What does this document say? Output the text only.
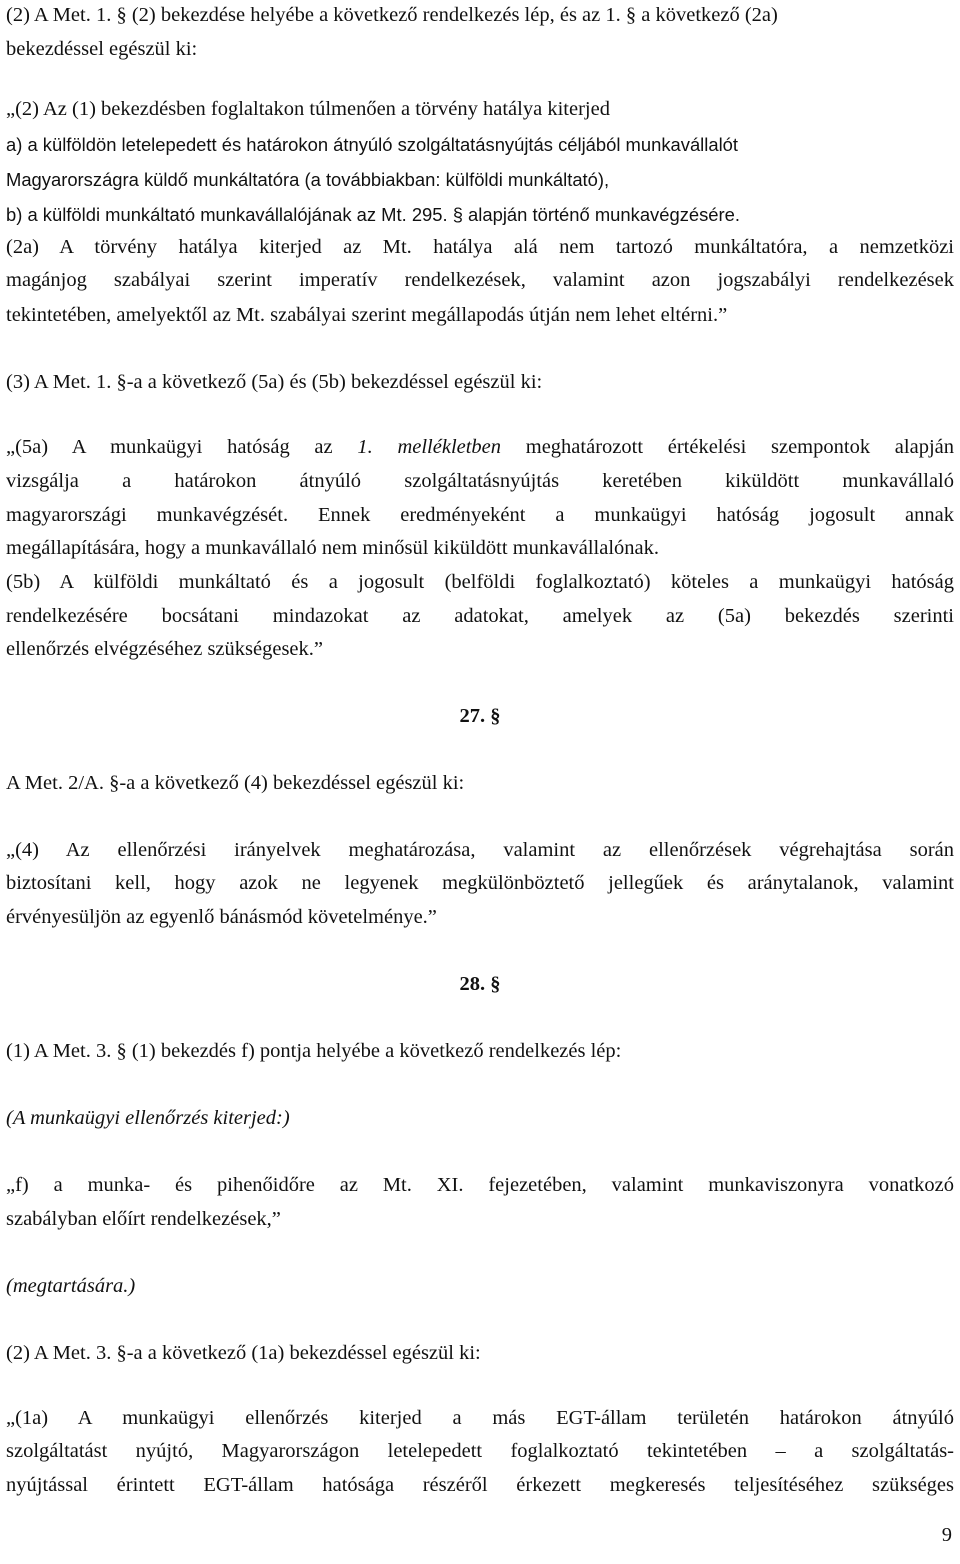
(2) A Met. 1. § (2) bekezdése helyébe a következő rendelkezés lép, és az 1. § a következő (2a)
bekezdéssel egészül ki:
„(2) Az (1) bekezdésben foglaltakon túlmenően a törvény hatálya kiterjed
a) a külföldön letelepedett és határokon átnyúló szolgáltatásnyújtás céljából munkavállalót
Magyarországra küldő munkáltatóra (a továbbiakban: külföldi munkáltató),
b) a külföldi munkáltató munkavállalójának az Mt. 295. § alapján történő munkavégzésére.
(2a) A törvény hatálya kiterjed az Mt. hatálya alá nem tartozó munkáltatóra, a nemzetközi
magánjog szabályai szerint imperatív rendelkezések, valamint azon jogszabályi rendelkezések
tekintetében, amelyektől az Mt. szabályai szerint megállapodás útján nem lehet eltérni.”
(3) A Met. 1. §-a a következő (5a) és (5b) bekezdéssel egészül ki:
„(5a) A munkaügyi hatóság az 1. mellékletben meghatározott értékelési szempontok alapján
vizsgálja a határokon átnyúló szolgáltatásnyújtás keretében kiküldött munkavállaló
magyarországi munkavégzését. Ennek eredményeként a munkaügyi hatóság jogosult annak
megállapítására, hogy a munkavállaló nem minősül kiküldött munkavállalónak.
(5b) A külföldi munkáltató és a jogosult (belföldi foglalkoztató) köteles a munkaügyi hatóság
rendelkezésére bocsátani mindazokat az adatokat, amelyek az (5a) bekezdés szerinti
ellenőrzés elvégzéséhez szükségesek.”
27. §
A Met. 2/A. §-a a következő (4) bekezdéssel egészül ki:
„(4) Az ellenőrzési irányelvek meghatározása, valamint az ellenőrzések végrehajtása során
biztosítani kell, hogy azok ne legyenek megkülönböztető jellegűek és aránytalanok, valamint
érvényesüljön az egyenlő bánásmód követelménye.”
28. §
(1) A Met. 3. § (1) bekezdés f) pontja helyébe a következő rendelkezés lép:
(A munkaügyi ellenőrzés kiterjed:)
„f) a munka- és pihenőidőre az Mt. XI. fejezetében, valamint munkaviszonyra vonatkozó
szabályban előírt rendelkezések,”
(megtartására.)
(2) A Met. 3. §-a a következő (1a) bekezdéssel egészül ki:
„(1a) A munkaügyi ellenőrzés kiterjed a más EGT-állam területén határokon átnyúló
szolgáltatást nyújtó, Magyarországon letelepedett foglalkoztató tekintetében – a szolgáltatás-
nyújtással érintett EGT-állam hatósága részéről érkezett megkeresés teljesítéséhez szükséges
9
